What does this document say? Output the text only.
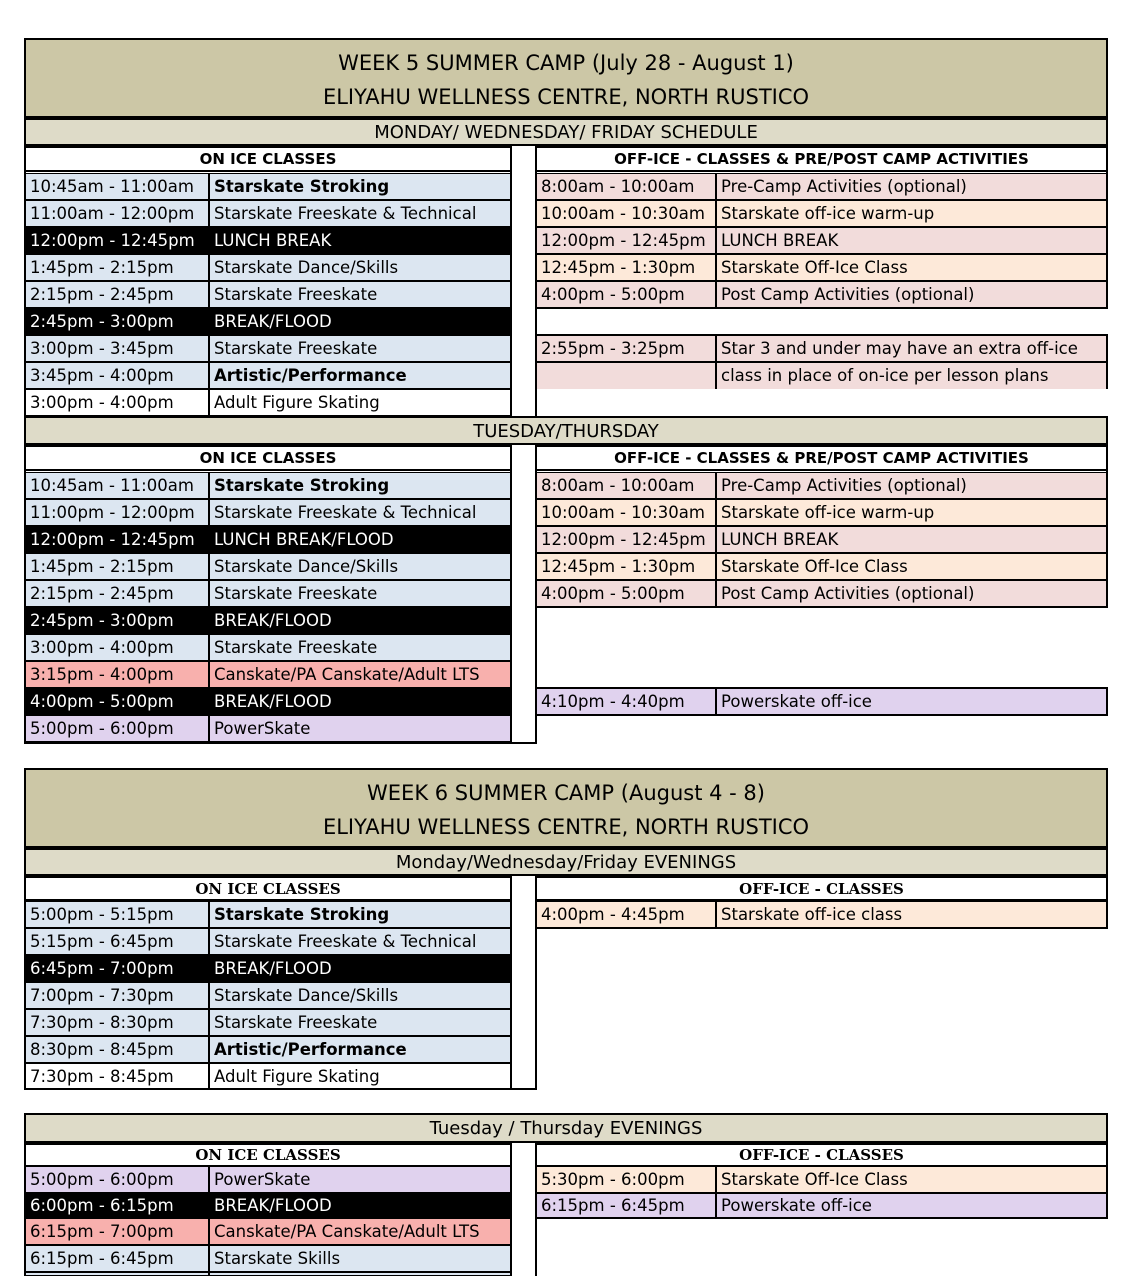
WEEK 5 SUMMER CAMP (July 28 - August 1)
ELIYAHU WELLNESS CENTRE, NORTH RUSTICO
MONDAY/ WEDNESDAY/ FRIDAY SCHEDULE
ON ICE CLASSES	OFF-ICE - CLASSES & PRE/POST CAMP ACTIVITIES
10:45am - 11:00am	Starskate Stroking
11:00am - 12:00pm	Starskate Freeskate & Technical
12:00pm - 12:45pm	LUNCH BREAK
1:45pm - 2:15pm	Starskate Dance/Skills
2:15pm - 2:45pm	Starskate Freeskate
2:45pm - 3:00pm	BREAK/FLOOD
3:00pm - 3:45pm	Starskate Freeskate
3:45pm - 4:00pm	Artistic/Performance
3:00pm - 4:00pm	Adult Figure Skating
8:00am - 10:00am	Pre-Camp Activities (optional)
10:00am - 10:30am Starskate off-ice warm-up
12:00pm - 12:45pm LUNCH BREAK
12:45pm - 1:30pm	Starskate Off-Ice Class
4:00pm - 5:00pm	Post Camp Activities (optional)
2:55pm - 3:25pm	Star 3 and under may have an extra off-ice
class in place of on-ice per lesson plans
TUESDAY/THURSDAY
ON ICE CLASSES	OFF-ICE - CLASSES & PRE/POST CAMP ACTIVITIES
10:45am - 11:00am	Starskate Stroking
11:00pm - 12:00pm	Starskate Freeskate & Technical
12:00pm - 12:45pm	LUNCH BREAK/FLOOD
1:45pm - 2:15pm	Starskate Dance/Skills
2:15pm - 2:45pm	Starskate Freeskate
2:45pm - 3:00pm	BREAK/FLOOD
3:00pm - 4:00pm	Starskate Freeskate
3:15pm - 4:00pm	Canskate/PA Canskate/Adult LTS
4:00pm - 5:00pm	BREAK/FLOOD
5:00pm - 6:00pm	PowerSkate
8:00am - 10:00am	Pre-Camp Activities (optional)
10:00am - 10:30am Starskate off-ice warm-up
12:00pm - 12:45pm LUNCH BREAK
12:45pm - 1:30pm	Starskate Off-Ice Class
4:00pm - 5:00pm	Post Camp Activities (optional)
4:10pm - 4:40pm	Powerskate off-ice
WEEK 6 SUMMER CAMP (August 4 - 8)
ELIYAHU WELLNESS CENTRE, NORTH RUSTICO
Monday/Wednesday/Friday EVENINGS
ON ICE CLASSES	OFF-ICE - CLASSES
5:00pm - 5:15pm	Starskate Stroking
5:15pm - 6:45pm	Starskate Freeskate & Technical
6:45pm - 7:00pm	BREAK/FLOOD
7:00pm - 7:30pm	Starskate Dance/Skills
7:30pm - 8:30pm	Starskate Freeskate
8:30pm - 8:45pm	Artistic/Performance
7:30pm - 8:45pm	Adult Figure Skating
4:00pm - 4:45pm	Starskate off-ice class
Tuesday / Thursday EVENINGS
ON ICE CLASSES	OFF-ICE - CLASSES
5:00pm - 6:00pm	PowerSkate
6:00pm - 6:15pm	BREAK/FLOOD
6:15pm - 7:00pm	Canskate/PA Canskate/Adult LTS
6:15pm - 6:45pm	Starskate Skills
5:30pm - 6:00pm	Starskate Off-Ice Class
6:15pm - 6:45pm	Powerskate off-ice
